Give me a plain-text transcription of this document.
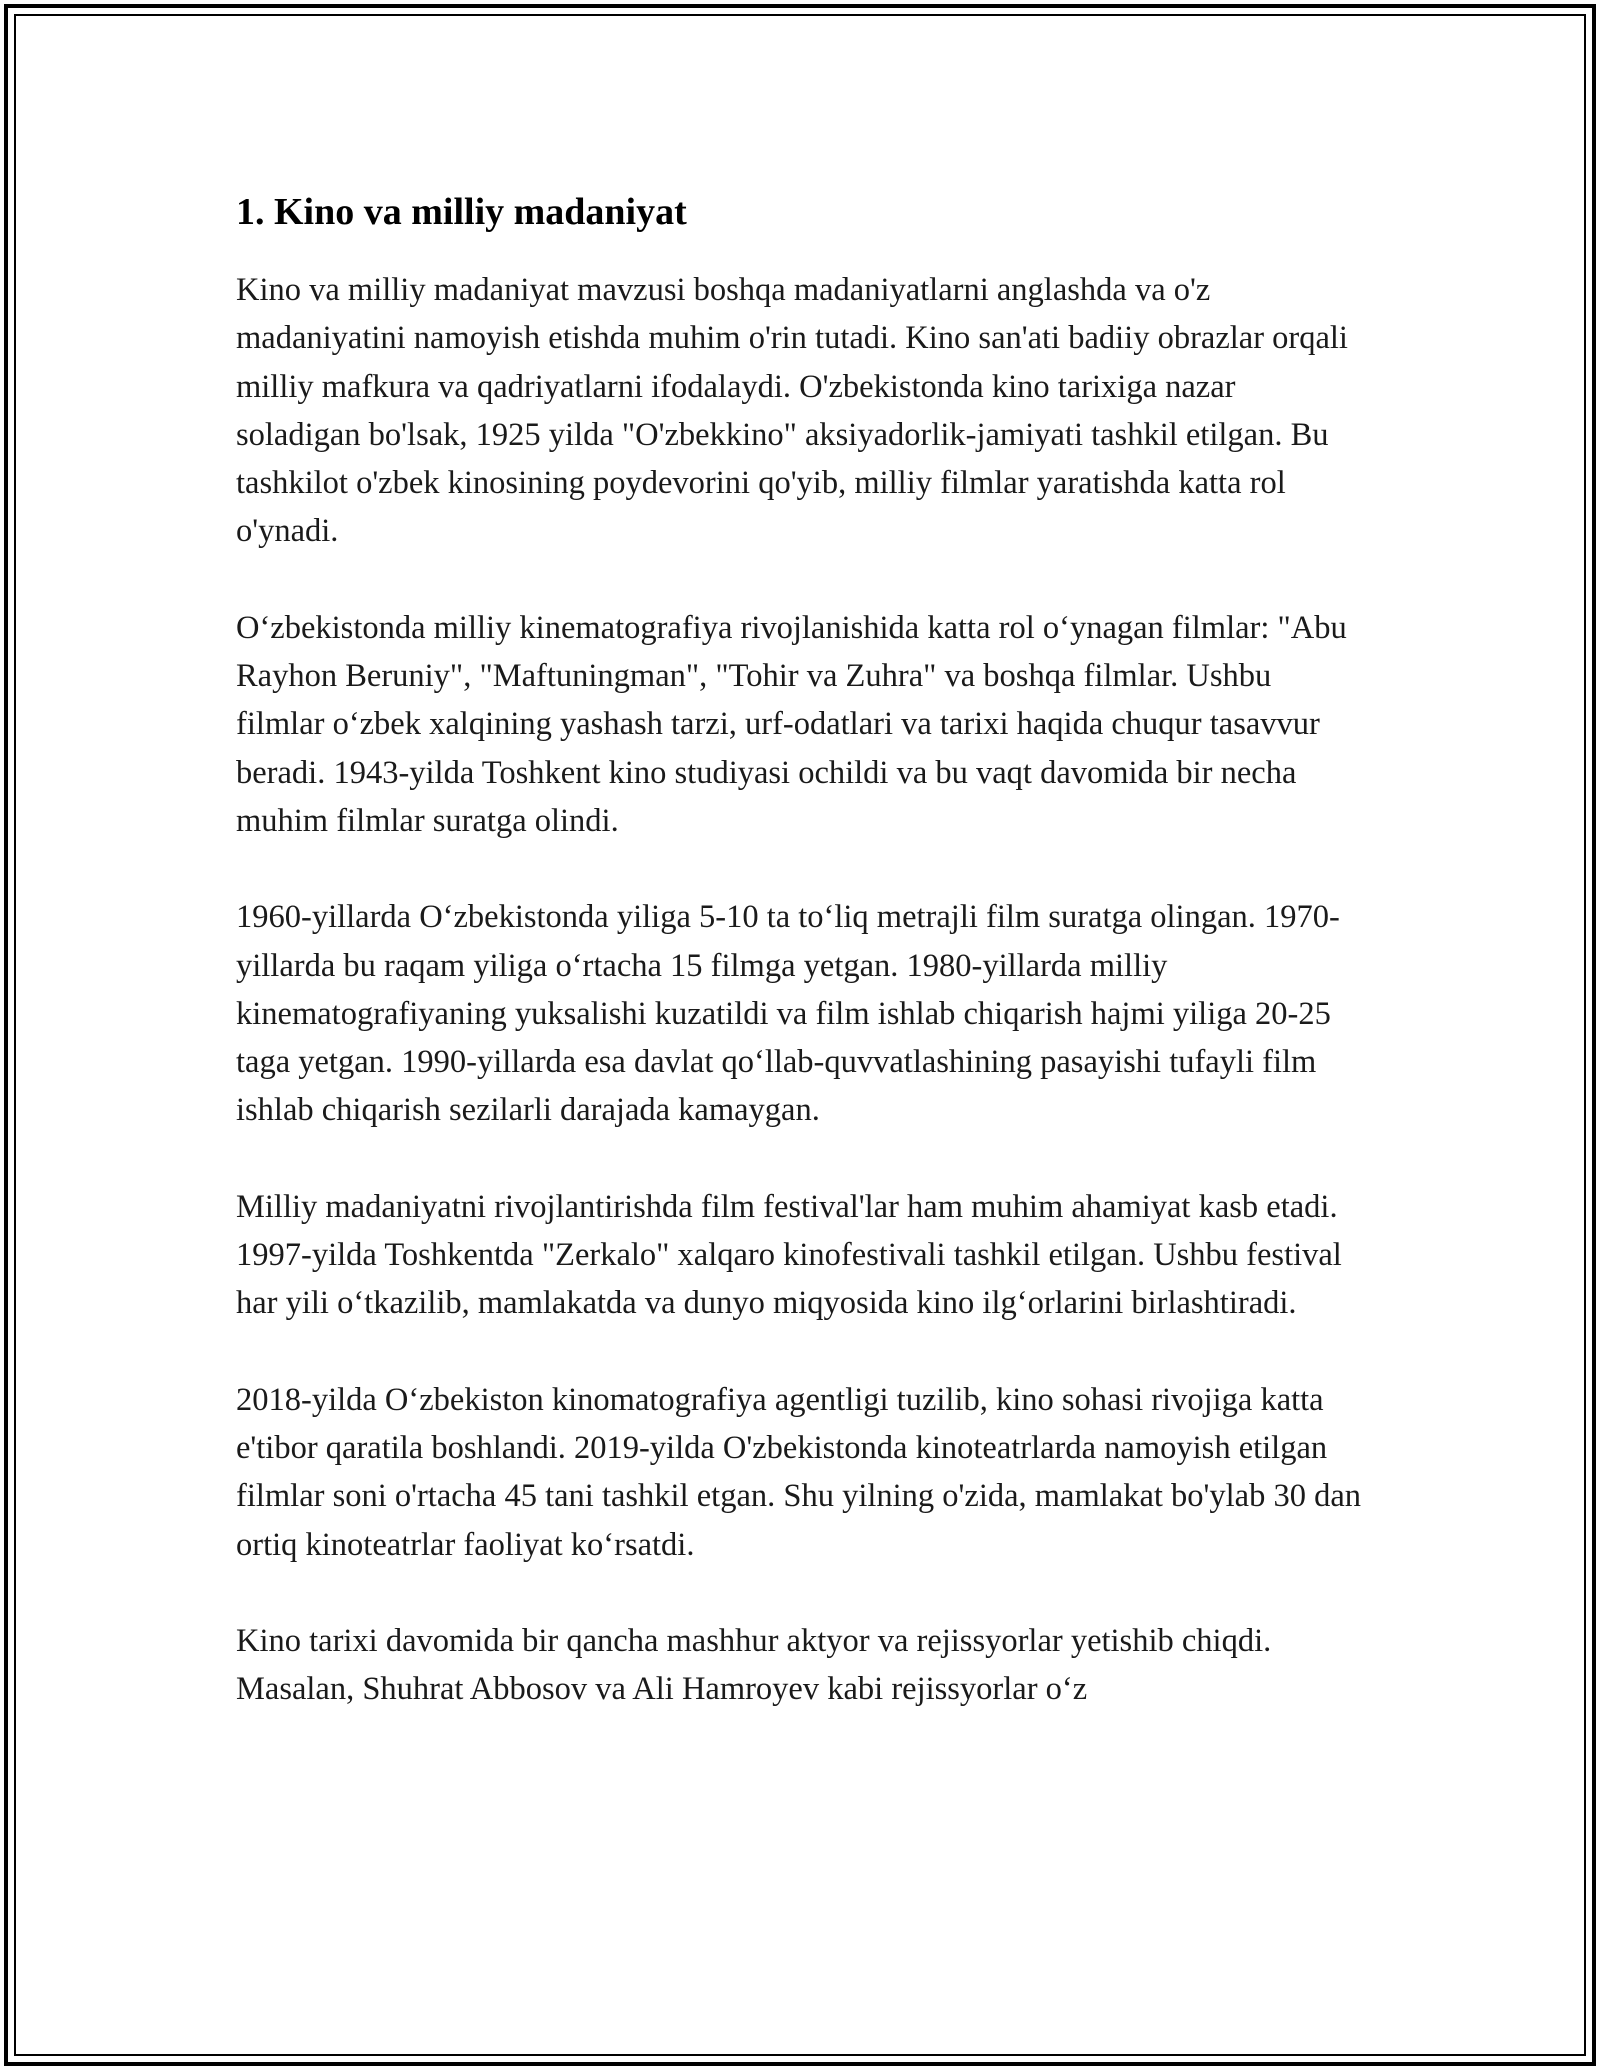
1. Kino va milliy madaniyat

Kino va milliy madaniyat mavzusi boshqa madaniyatlarni anglashda va o'z madaniyatini namoyish etishda muhim o'rin tutadi. Kino san'ati badiiy obrazlar orqali milliy mafkura va qadriyatlarni ifodalaydi. O'zbekistonda kino tarixiga nazar soladigan bo'lsak, 1925 yilda "O'zbekkino" aksiyadorlik-jamiyati tashkil etilgan. Bu tashkilot o'zbek kinosining poydevorini qo'yib, milliy filmlar yaratishda katta rol o'ynadi.

O‘zbekistonda milliy kinematografiya rivojlanishida katta rol o‘ynagan filmlar: "Abu Rayhon Beruniy", "Maftuningman", "Tohir va Zuhra" va boshqa filmlar. Ushbu filmlar o‘zbek xalqining yashash tarzi, urf-odatlari va tarixi haqida chuqur tasavvur beradi. 1943-yilda Toshkent kino studiyasi ochildi va bu vaqt davomida bir necha muhim filmlar suratga olindi.

1960-yillarda O‘zbekistonda yiliga 5-10 ta to‘liq metrajli film suratga olingan. 1970-yillarda bu raqam yiliga o‘rtacha 15 filmga yetgan. 1980-yillarda milliy kinematografiyaning yuksalishi kuzatildi va film ishlab chiqarish hajmi yiliga 20-25 taga yetgan. 1990-yillarda esa davlat qo‘llab-quvvatlashining pasayishi tufayli film ishlab chiqarish sezilarli darajada kamaygan.

Milliy madaniyatni rivojlantirishda film festival'lar ham muhim ahamiyat kasb etadi. 1997-yilda Toshkentda "Zerkalo" xalqaro kinofestivali tashkil etilgan. Ushbu festival har yili o‘tkazilib, mamlakatda va dunyo miqyosida kino ilg‘orlarini birlashtiradi.

2018-yilda O‘zbekiston kinomatografiya agentligi tuzilib, kino sohasi rivojiga katta e'tibor qaratila boshlandi. 2019-yilda O'zbekistonda kinoteatrlarda namoyish etilgan filmlar soni o'rtacha 45 tani tashkil etgan. Shu yilning o'zida, mamlakat bo'ylab 30 dan ortiq kinoteatrlar faoliyat ko‘rsatdi.

Kino tarixi davomida bir qancha mashhur aktyor va rejissyorlar yetishib chiqdi. Masalan, Shuhrat Abbosov va Ali Hamroyev kabi rejissyorlar o‘z
